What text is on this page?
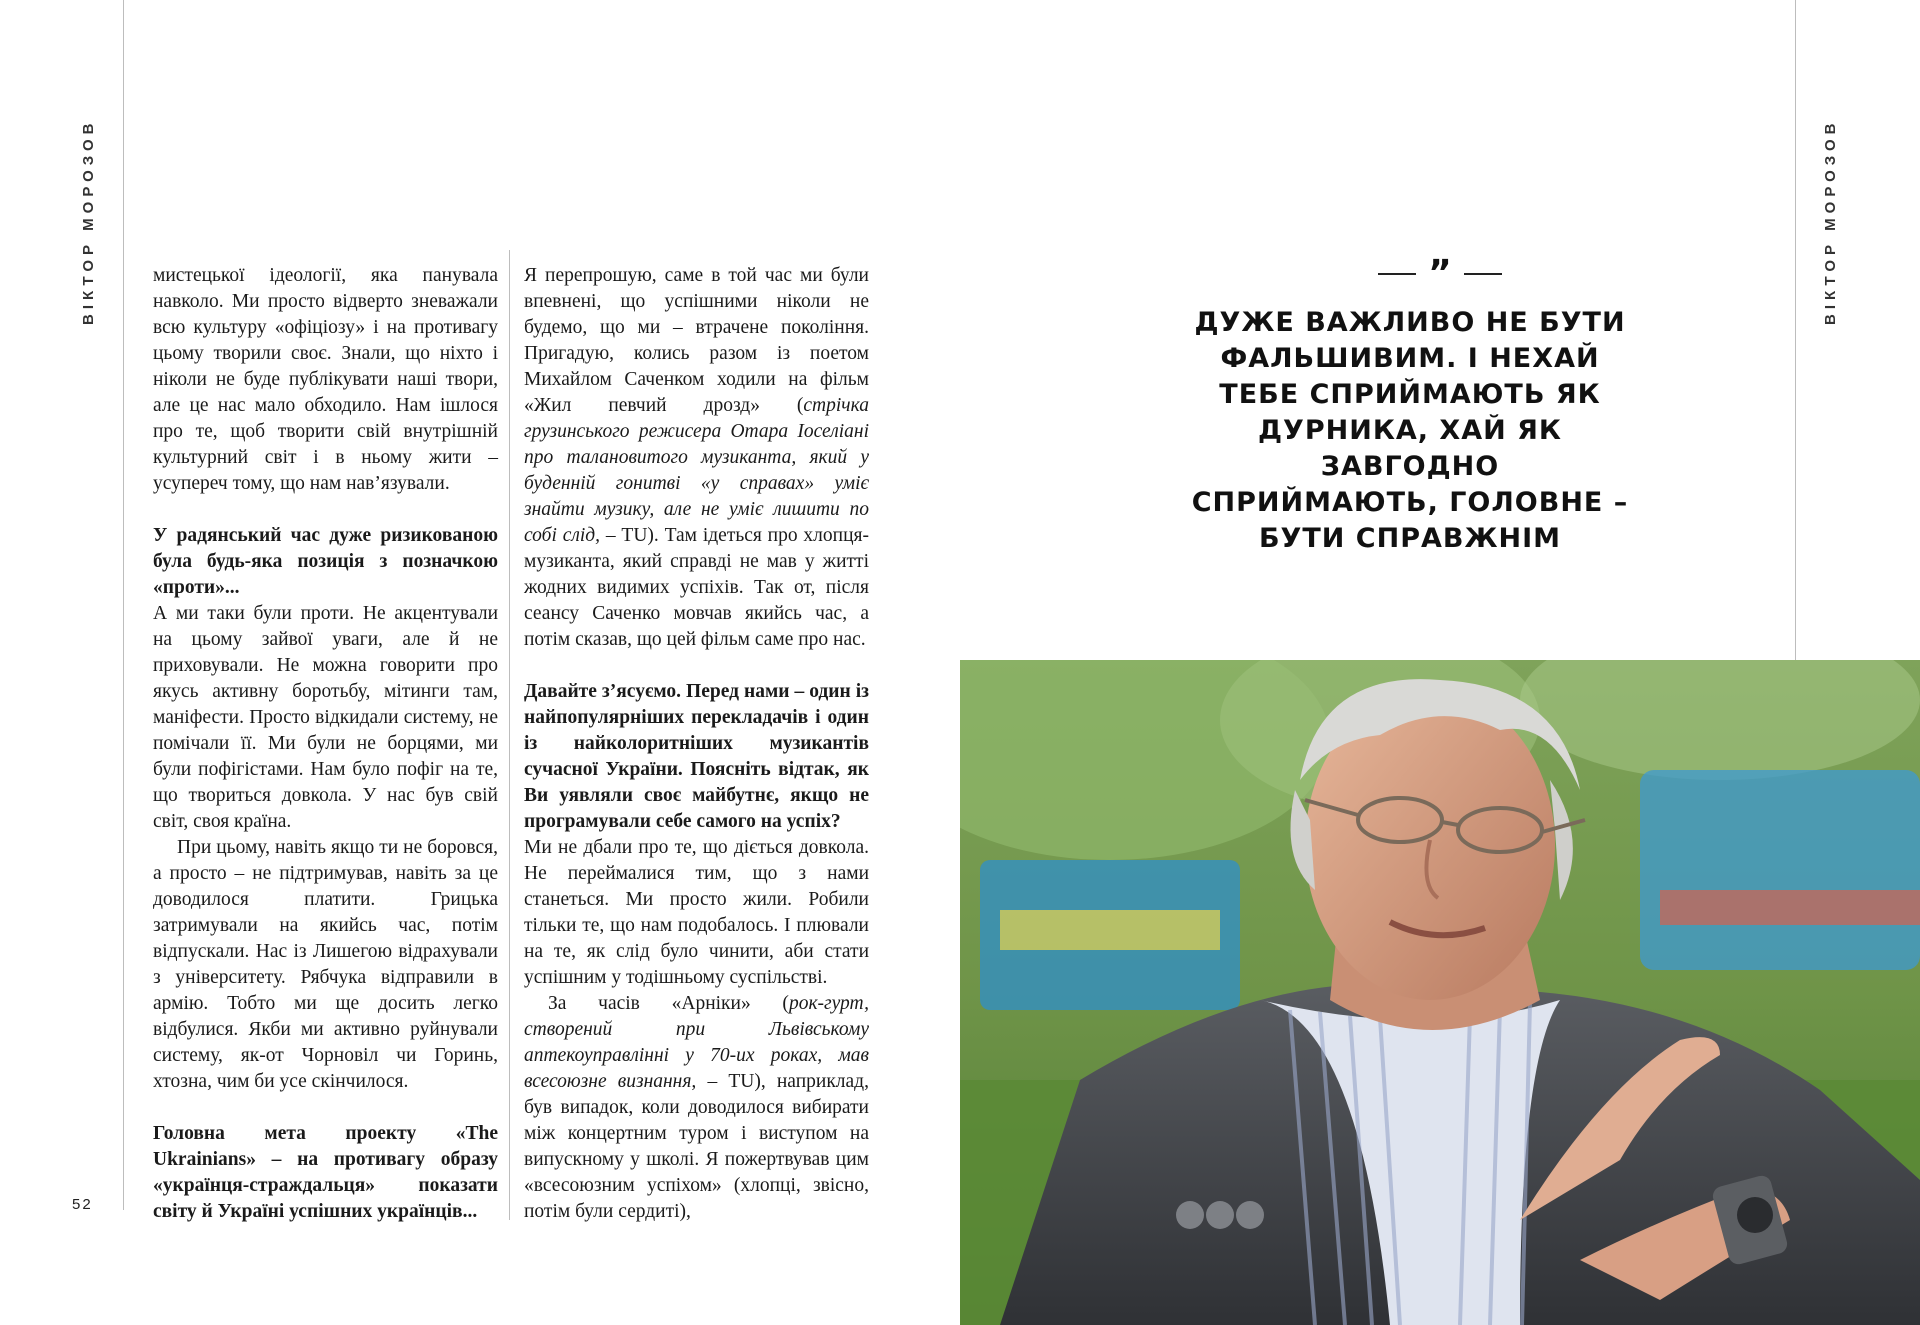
ВІКТОР МОРОЗОВ	ВІКТОР МОРОЗОВ

мистецької ідеології, яка панувала навколо. Ми просто відверто зневажали всю культуру «офіціозу» і на противагу цьому творили своє. Знали, що ніхто і ніколи не буде публікувати наші твори, але це нас мало обходило. Нам ішлося про те, щоб творити свій внутрішній культурний світ і в ньому жити – усупереч тому, що нам нав’язували.

У радянський час дуже ризикованою була будь-яка позиція з позначкою «проти»...

А ми таки були проти. Не акцентували на цьому зайвої уваги, але й не приховували. Не можна говорити про якусь активну боротьбу, мітинги там, маніфести. Просто відкидали систему, не помічали її. Ми були не борцями, ми були пофігістами. Нам було пофіг на те, що твориться довкола. У нас був свій світ, своя країна.

При цьому, навіть якщо ти не боровся, а просто – не підтримував, навіть за це доводилося платити. Грицька затримували на якийсь час, потім відпускали. Нас із Лишегою відрахували з університету. Рябчука відправили в армію. Тобто ми ще досить легко відбулися. Якби ми активно руйнували систему, як-от Чорновіл чи Горинь, хтозна, чим би усе скінчилося.

Головна мета проекту «The Ukrainians» – на противагу образу «українця-страждальця» показати світу й Україні успішних українців...

Я перепрошую, саме в той час ми були впевнені, що успішними ніколи не будемо, що ми – втрачене покоління. Пригадую, колись разом із поетом Михайлом Саченком ходили на фільм «Жил певчий дрозд» (стрічка грузинського режисера Отара Іоселіані про талановитого музиканта, який у буденній гонитві «у справах» уміє знайти музику, але не уміє лишити по собі слід, – TU). Там ідеться про хлопця-музиканта, який справді не мав у житті жодних видимих успіхів. Так от, після сеансу Саченко мовчав якийсь час, а потім сказав, що цей фільм саме про нас.

Давайте з’ясуємо. Перед нами – один із найпопулярніших перекладачів і один із найколоритніших музикантів сучасної України. Поясніть відтак, як Ви уявляли своє майбутнє, якщо не програмували себе самого на успіх?

Ми не дбали про те, що діється довкола. Не переймалися тим, що з нами станеться. Ми просто жили. Робили тільки те, що нам подобалось. І плювали на те, як слід було чинити, аби стати успішним у тодішньому суспільстві.

За часів «Арніки» (рок-гурт, створений при Львівському аптекоуправлінні у 70-их роках, мав всесоюзне визнання, – TU), наприклад, був випадок, коли доводилося вибирати між концертним туром і виступом на випускному у школі. Я пожертвував цим «всесоюзним успіхом» (хлопці, звісно, потім були сердиті),

52
”
ДУЖЕ ВАЖЛИВО НЕ БУТИ
ФАЛЬШИВИМ. І НЕХАЙ
ТЕБЕ СПРИЙМАЮТЬ ЯК
ДУРНИКА, ХАЙ ЯК ЗАВГОДНО
СПРИЙМАЮТЬ, ГОЛОВНЕ –
БУТИ СПРАВЖНІМ
